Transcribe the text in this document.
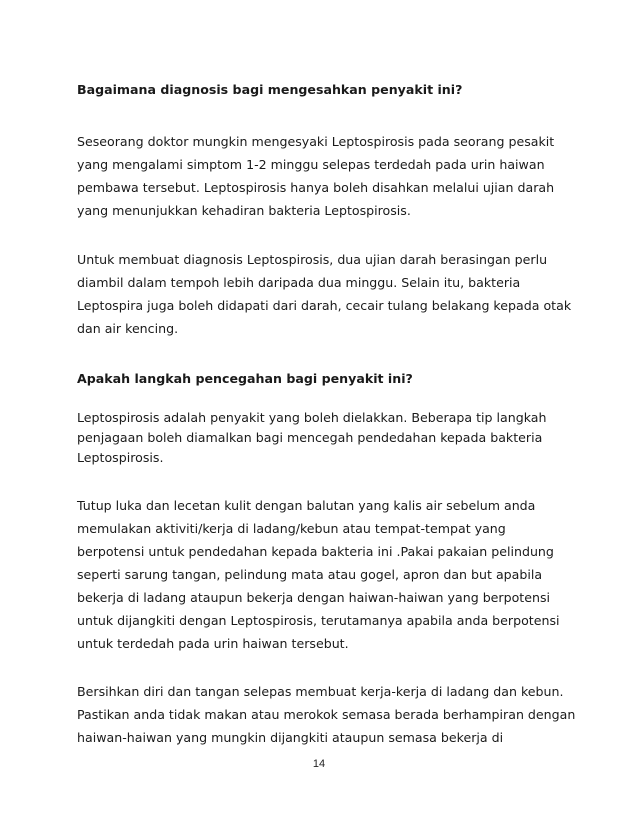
Bagaimana diagnosis bagi mengesahkan penyakit ini?
Seseorang doktor mungkin mengesyaki Leptospirosis pada seorang pesakit
yang mengalami simptom 1-2 minggu selepas terdedah pada urin haiwan
pembawa tersebut. Leptospirosis hanya boleh disahkan melalui ujian darah
yang menunjukkan kehadiran bakteria Leptospirosis.
Untuk membuat diagnosis Leptospirosis, dua ujian darah berasingan perlu
diambil dalam tempoh lebih daripada dua minggu. Selain itu, bakteria
Leptospira juga boleh didapati dari darah, cecair tulang belakang kepada otak
dan air kencing.
Apakah langkah pencegahan bagi penyakit ini?
Leptospirosis adalah penyakit yang boleh dielakkan. Beberapa tip langkah
penjagaan boleh diamalkan bagi mencegah pendedahan kepada bakteria
Leptospirosis.
Tutup luka dan lecetan kulit dengan balutan yang kalis air sebelum anda
memulakan aktiviti/kerja di ladang/kebun atau tempat-tempat yang
berpotensi untuk pendedahan kepada bakteria ini .Pakai pakaian pelindung
seperti sarung tangan, pelindung mata atau gogel, apron dan but apabila
bekerja di ladang ataupun bekerja dengan haiwan-haiwan yang berpotensi
untuk dijangkiti dengan Leptospirosis, terutamanya apabila anda berpotensi
untuk terdedah pada urin haiwan tersebut.
Bersihkan diri dan tangan selepas membuat kerja-kerja di ladang dan kebun.
Pastikan anda tidak makan atau merokok semasa berada berhampiran dengan
haiwan-haiwan yang mungkin dijangkiti ataupun semasa bekerja di
14
